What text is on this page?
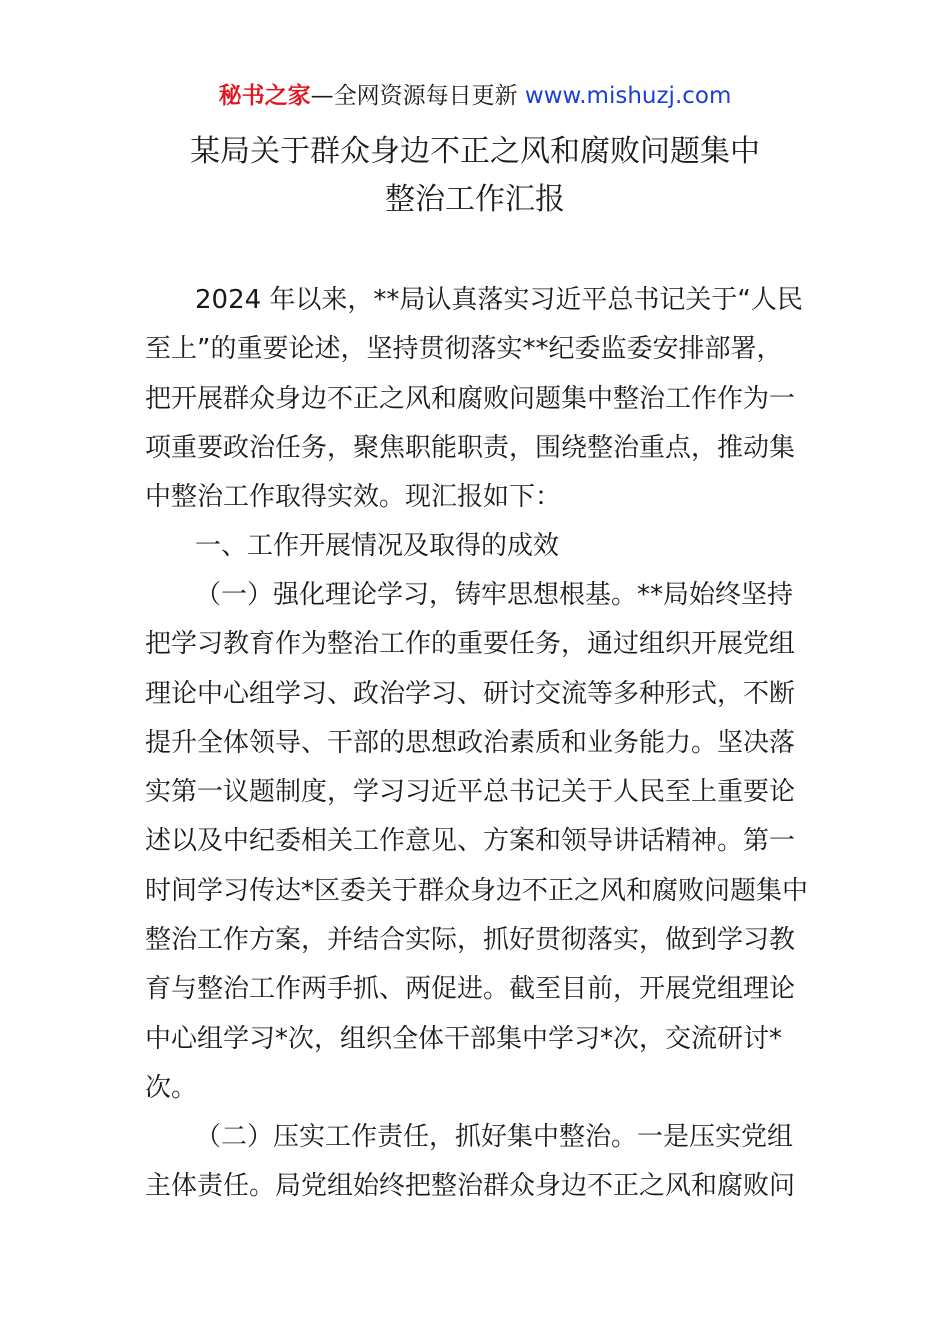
秘书之家—全网资源每日更新 www.mishuzj.com
某局关于群众身边不正之风和腐败问题集中
整治工作汇报
2024 年以来，**局认真落实习近平总书记关于“人民
至上”的重要论述，坚持贯彻落实**纪委监委安排部署，
把开展群众身边不正之风和腐败问题集中整治工作作为一
项重要政治任务，聚焦职能职责，围绕整治重点，推动集
中整治工作取得实效。现汇报如下：
一、工作开展情况及取得的成效
（一）强化理论学习，铸牢思想根基。**局始终坚持
把学习教育作为整治工作的重要任务，通过组织开展党组
理论中心组学习、政治学习、研讨交流等多种形式，不断
提升全体领导、干部的思想政治素质和业务能力。坚决落
实第一议题制度，学习习近平总书记关于人民至上重要论
述以及中纪委相关工作意见、方案和领导讲话精神。第一
时间学习传达*区委关于群众身边不正之风和腐败问题集中
整治工作方案，并结合实际，抓好贯彻落实，做到学习教
育与整治工作两手抓、两促进。截至目前，开展党组理论
中心组学习*次，组织全体干部集中学习*次，交流研讨*
次。
（二）压实工作责任，抓好集中整治。一是压实党组
主体责任。局党组始终把整治群众身边不正之风和腐败问
